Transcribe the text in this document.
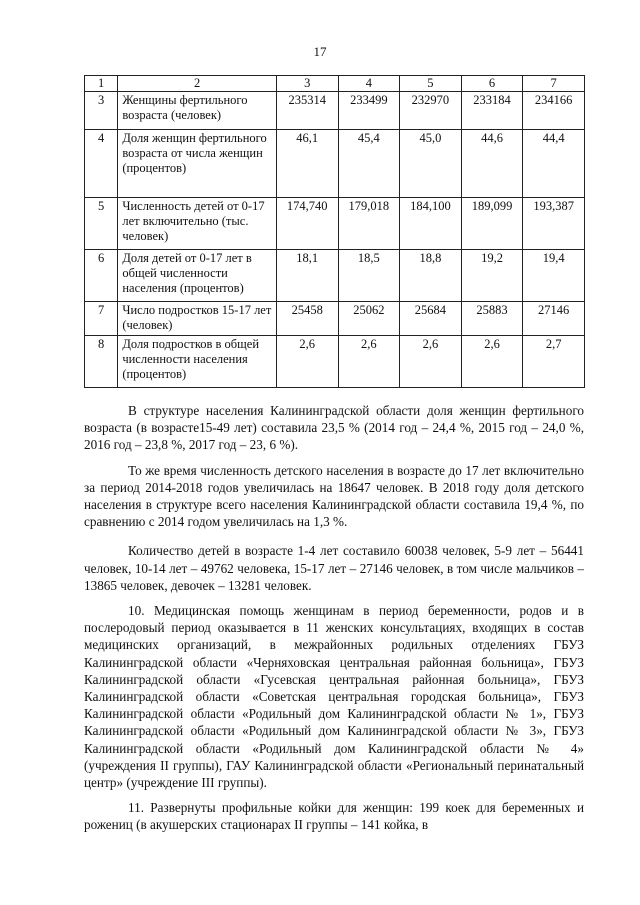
17
1	2	3	4	5	6	7
3	Женщины фертильного возраста (человек)	235314	233499	232970	233184	234166
4	Доля женщин фертильного возраста от числа женщин (процентов)	46,1	45,4	45,0	44,6	44,4
5	Численность детей от 0-17 лет включительно (тыс. человек)	174,740	179,018	184,100	189,099	193,387
6	Доля детей от 0-17 лет в общей численности населения (процентов)	18,1	18,5	18,8	19,2	19,4
7	Число подростков 15-17 лет (человек)	25458	25062	25684	25883	27146
8	Доля подростков в общей численности населения (процентов)	2,6	2,6	2,6	2,6	2,7

В структуре населения Калининградской области доля женщин фертильного возраста (в возрасте15-49 лет) составила 23,5 % (2014 год – 24,4 %, 2015 год – 24,0 %, 2016 год – 23,8 %, 2017 год – 23, 6 %).

То же время численность детского населения в возрасте до 17 лет включительно за период 2014-2018 годов увеличилась на 18647 человек. В 2018 году доля детского населения в структуре всего населения Калининградской области составила 19,4 %, по сравнению с 2014 годом увеличилась на 1,3 %.

Количество детей в возрасте 1-4 лет составило 60038 человек, 5-9 лет – 56441 человек, 10-14 лет – 49762 человека, 15-17 лет – 27146 человек, в том числе мальчиков – 13865 человек, девочек – 13281 человек.

10. Медицинская помощь женщинам в период беременности, родов и в послеродовый период оказывается в 11 женских консультациях, входящих в состав медицинских организаций, в межрайонных родильных отделениях ГБУЗ Калининградской области «Черняховская центральная районная больница», ГБУЗ Калининградской области «Гусевская центральная районная больница», ГБУЗ Калининградской области «Советская центральная городская больница», ГБУЗ Калининградской области «Родильный дом Калининградской области № 1», ГБУЗ Калининградской области «Родильный дом Калининградской области № 3», ГБУЗ Калининградской области «Родильный дом Калининградской области № 4» (учреждения II группы), ГАУ Калининградской области «Региональный перинатальный центр» (учреждение III группы).

11. Развернуты профильные койки для женщин: 199 коек для беременных и рожениц (в акушерских стационарах II группы – 141 койка, в
